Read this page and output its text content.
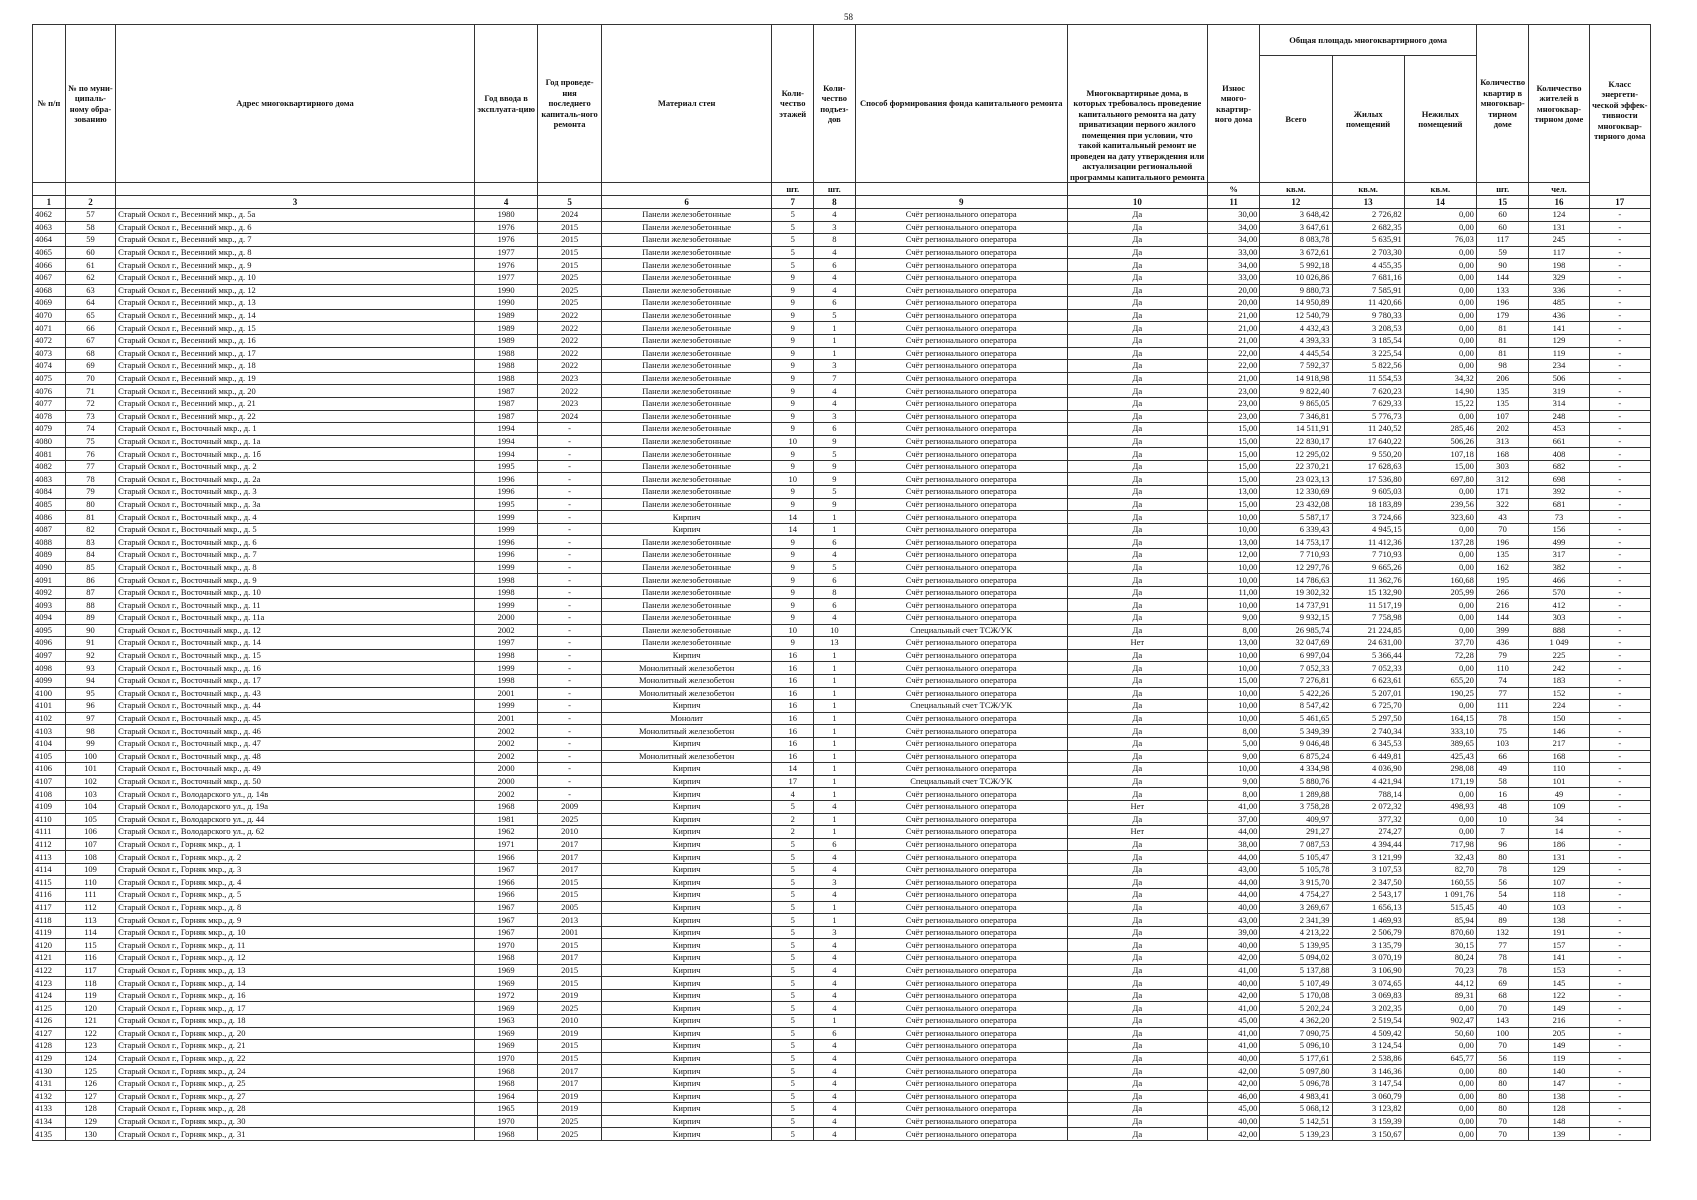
58
№ п/п	№ по муни-ципаль-ному обра-зованию	Адрес многоквартирного дома	Год ввода в эксплуата-цию	Год проведе-ния последнего капиталь-ного ремонта	Материал стен	Коли-чество этажей	Коли-чество подъез-дов	Способ формирования фонда капитального ремонта	Многоквартирные дома, в которых требовалось проведение капитального ремонта на дату приватизации первого жилого помещения при условии, что такой капитальный ремонт не проведен на дату утверждения или актуализации региональной программы капитального ремонта	Износ много-квартир-ного дома	Общая площадь многоквартирного дома			Количество квартир в многоквар-тирном доме	Количество жителей в многоквар-тирном доме	Класс энергети-ческой эффек-тивности многоквар-тирного дома
											Всего	Жилых помещений	Нежилых помещений			
						шт.	шт.			%	кв.м.	кв.м.	кв.м.	шт.	чел.	
1	2	3	4	5	6	7	8	9	10	11	12	13	14	15	16	17
4062	57	Старый Оскол г., Весенний мкр., д. 5а	1980	2024	Панели железобетонные	5	4	Счёт регионального оператора	Да	30,00	3 648,42	2 726,82	0,00	60	124	-
4063	58	Старый Оскол г., Весенний мкр., д. 6	1976	2015	Панели железобетонные	5	3	Счёт регионального оператора	Да	34,00	3 647,61	2 682,35	0,00	60	131	-
4064	59	Старый Оскол г., Весенний мкр., д. 7	1976	2015	Панели железобетонные	5	8	Счёт регионального оператора	Да	34,00	8 083,78	5 635,91	76,03	117	245	-
4065	60	Старый Оскол г., Весенний мкр., д. 8	1977	2015	Панели железобетонные	5	4	Счёт регионального оператора	Да	33,00	3 672,61	2 703,30	0,00	59	117	-
4066	61	Старый Оскол г., Весенний мкр., д. 9	1976	2015	Панели железобетонные	5	6	Счёт регионального оператора	Да	34,00	5 992,18	4 455,35	0,00	90	198	-
4067	62	Старый Оскол г., Весенний мкр., д. 10	1977	2025	Панели железобетонные	9	4	Счёт регионального оператора	Да	33,00	10 026,86	7 681,16	0,00	144	329	-
4068	63	Старый Оскол г., Весенний мкр., д. 12	1990	2025	Панели железобетонные	9	4	Счёт регионального оператора	Да	20,00	9 880,73	7 585,91	0,00	133	336	-
4069	64	Старый Оскол г., Весенний мкр., д. 13	1990	2025	Панели железобетонные	9	6	Счёт регионального оператора	Да	20,00	14 950,89	11 420,66	0,00	196	485	-
4070	65	Старый Оскол г., Весенний мкр., д. 14	1989	2022	Панели железобетонные	9	5	Счёт регионального оператора	Да	21,00	12 540,79	9 780,33	0,00	179	436	-
4071	66	Старый Оскол г., Весенний мкр., д. 15	1989	2022	Панели железобетонные	9	1	Счёт регионального оператора	Да	21,00	4 432,43	3 208,53	0,00	81	141	-
4072	67	Старый Оскол г., Весенний мкр., д. 16	1989	2022	Панели железобетонные	9	1	Счёт регионального оператора	Да	21,00	4 393,33	3 185,54	0,00	81	129	-
4073	68	Старый Оскол г., Весенний мкр., д. 17	1988	2022	Панели железобетонные	9	1	Счёт регионального оператора	Да	22,00	4 445,54	3 225,54	0,00	81	119	-
4074	69	Старый Оскол г., Весенний мкр., д. 18	1988	2022	Панели железобетонные	9	3	Счёт регионального оператора	Да	22,00	7 592,37	5 822,56	0,00	98	234	-
4075	70	Старый Оскол г., Весенний мкр., д. 19	1988	2023	Панели железобетонные	9	7	Счёт регионального оператора	Да	21,00	14 918,98	11 554,53	34,32	206	506	-
4076	71	Старый Оскол г., Весенний мкр., д. 20	1987	2022	Панели железобетонные	9	4	Счёт регионального оператора	Да	23,00	9 822,40	7 620,23	14,90	135	319	-
4077	72	Старый Оскол г., Весенний мкр., д. 21	1987	2023	Панели железобетонные	9	4	Счёт регионального оператора	Да	23,00	9 865,05	7 629,33	15,22	135	314	-
4078	73	Старый Оскол г., Весенний мкр., д. 22	1987	2024	Панели железобетонные	9	3	Счёт регионального оператора	Да	23,00	7 346,81	5 776,73	0,00	107	248	-
4079	74	Старый Оскол г., Восточный мкр., д. 1	1994	-	Панели железобетонные	9	6	Счёт регионального оператора	Да	15,00	14 511,91	11 240,52	285,46	202	453	-
4080	75	Старый Оскол г., Восточный мкр., д. 1а	1994	-	Панели железобетонные	10	9	Счёт регионального оператора	Да	15,00	22 830,17	17 640,22	506,26	313	661	-
4081	76	Старый Оскол г., Восточный мкр., д. 1б	1994	-	Панели железобетонные	9	5	Счёт регионального оператора	Да	15,00	12 295,02	9 550,20	107,18	168	408	-
4082	77	Старый Оскол г., Восточный мкр., д. 2	1995	-	Панели железобетонные	9	9	Счёт регионального оператора	Да	15,00	22 370,21	17 628,63	15,00	303	682	-
4083	78	Старый Оскол г., Восточный мкр., д. 2а	1996	-	Панели железобетонные	10	9	Счёт регионального оператора	Да	15,00	23 023,13	17 536,80	697,80	312	698	-
4084	79	Старый Оскол г., Восточный мкр., д. 3	1996	-	Панели железобетонные	9	5	Счёт регионального оператора	Да	13,00	12 330,69	9 605,03	0,00	171	392	-
4085	80	Старый Оскол г., Восточный мкр., д. 3а	1995	-	Панели железобетонные	9	9	Счёт регионального оператора	Да	15,00	23 432,08	18 183,89	239,56	322	681	-
4086	81	Старый Оскол г., Восточный мкр., д. 4	1999	-	Кирпич	14	1	Счёт регионального оператора	Да	10,00	5 587,17	3 724,66	323,60	43	73	-
4087	82	Старый Оскол г., Восточный мкр., д. 5	1999	-	Кирпич	14	1	Счёт регионального оператора	Да	10,00	6 339,43	4 945,15	0,00	70	156	-
4088	83	Старый Оскол г., Восточный мкр., д. 6	1996	-	Панели железобетонные	9	6	Счёт регионального оператора	Да	13,00	14 753,17	11 412,36	137,28	196	499	-
4089	84	Старый Оскол г., Восточный мкр., д. 7	1996	-	Панели железобетонные	9	4	Счёт регионального оператора	Да	12,00	7 710,93	7 710,93	0,00	135	317	-
4090	85	Старый Оскол г., Восточный мкр., д. 8	1999	-	Панели железобетонные	9	5	Счёт регионального оператора	Да	10,00	12 297,76	9 665,26	0,00	162	382	-
4091	86	Старый Оскол г., Восточный мкр., д. 9	1998	-	Панели железобетонные	9	6	Счёт регионального оператора	Да	10,00	14 786,63	11 362,76	160,68	195	466	-
4092	87	Старый Оскол г., Восточный мкр., д. 10	1998	-	Панели железобетонные	9	8	Счёт регионального оператора	Да	11,00	19 302,32	15 132,90	205,99	266	570	-
4093	88	Старый Оскол г., Восточный мкр., д. 11	1999	-	Панели железобетонные	9	6	Счёт регионального оператора	Да	10,00	14 737,91	11 517,19	0,00	216	412	-
4094	89	Старый Оскол г., Восточный мкр., д. 11а	2000	-	Панели железобетонные	9	4	Счёт регионального оператора	Да	9,00	9 932,15	7 758,98	0,00	144	303	-
4095	90	Старый Оскол г., Восточный мкр., д. 12	2002	-	Панели железобетонные	10	10	Специальный счет ТСЖ/УК	Да	8,00	26 985,74	21 224,85	0,00	399	888	-
4096	91	Старый Оскол г., Восточный мкр., д. 14	1997	-	Панели железобетонные	9	13	Счёт регионального оператора	Нет	13,00	32 047,69	24 631,00	37,70	436	1 049	-
4097	92	Старый Оскол г., Восточный мкр., д. 15	1998	-	Кирпич	16	1	Счёт регионального оператора	Да	10,00	6 997,04	5 366,44	72,28	79	225	-
4098	93	Старый Оскол г., Восточный мкр., д. 16	1999	-	Монолитный железобетон	16	1	Счёт регионального оператора	Да	10,00	7 052,33	7 052,33	0,00	110	242	-
4099	94	Старый Оскол г., Восточный мкр., д. 17	1998	-	Монолитный железобетон	16	1	Счёт регионального оператора	Да	15,00	7 276,81	6 623,61	655,20	74	183	-
4100	95	Старый Оскол г., Восточный мкр., д. 43	2001	-	Монолитный железобетон	16	1	Счёт регионального оператора	Да	10,00	5 422,26	5 207,01	190,25	77	152	-
4101	96	Старый Оскол г., Восточный мкр., д. 44	1999	-	Кирпич	16	1	Специальный счет ТСЖ/УК	Да	10,00	8 547,42	6 725,70	0,00	111	224	-
4102	97	Старый Оскол г., Восточный мкр., д. 45	2001	-	Монолит	16	1	Счёт регионального оператора	Да	10,00	5 461,65	5 297,50	164,15	78	150	-
4103	98	Старый Оскол г., Восточный мкр., д. 46	2002	-	Монолитный железобетон	16	1	Счёт регионального оператора	Да	8,00	5 349,39	2 740,34	333,10	75	146	-
4104	99	Старый Оскол г., Восточный мкр., д. 47	2002	-	Кирпич	16	1	Счёт регионального оператора	Да	5,00	9 046,48	6 345,53	389,65	103	217	-
4105	100	Старый Оскол г., Восточный мкр., д. 48	2002	-	Монолитный железобетон	16	1	Счёт регионального оператора	Да	9,00	6 875,24	6 449,81	425,43	66	168	-
4106	101	Старый Оскол г., Восточный мкр., д. 49	2000	-	Кирпич	14	1	Счёт регионального оператора	Да	10,00	4 334,98	4 036,90	298,08	49	110	-
4107	102	Старый Оскол г., Восточный мкр., д. 50	2000	-	Кирпич	17	1	Специальный счет ТСЖ/УК	Да	9,00	5 880,76	4 421,94	171,19	58	101	-
4108	103	Старый Оскол г., Володарского ул., д. 14в	2002	-	Кирпич	4	1	Счёт регионального оператора	Да	8,00	1 289,88	788,14	0,00	16	49	-
4109	104	Старый Оскол г., Володарского ул., д. 19а	1968	2009	Кирпич	5	4	Счёт регионального оператора	Нет	41,00	3 758,28	2 072,32	498,93	48	109	-
4110	105	Старый Оскол г., Володарского ул., д. 44	1981	2025	Кирпич	2	1	Счёт регионального оператора	Да	37,00	409,97	377,32	0,00	10	34	-
4111	106	Старый Оскол г., Володарского ул., д. 62	1962	2010	Кирпич	2	1	Счёт регионального оператора	Нет	44,00	291,27	274,27	0,00	7	14	-
4112	107	Старый Оскол г., Горняк мкр., д. 1	1971	2017	Кирпич	5	6	Счёт регионального оператора	Да	38,00	7 087,53	4 394,44	717,98	96	186	-
4113	108	Старый Оскол г., Горняк мкр., д. 2	1966	2017	Кирпич	5	4	Счёт регионального оператора	Да	44,00	5 105,47	3 121,99	32,43	80	131	-
4114	109	Старый Оскол г., Горняк мкр., д. 3	1967	2017	Кирпич	5	4	Счёт регионального оператора	Да	43,00	5 105,78	3 107,53	82,70	78	129	-
4115	110	Старый Оскол г., Горняк мкр., д. 4	1966	2015	Кирпич	5	3	Счёт регионального оператора	Да	44,00	3 915,70	2 347,50	160,55	56	107	-
4116	111	Старый Оскол г., Горняк мкр., д. 5	1966	2015	Кирпич	5	4	Счёт регионального оператора	Да	44,00	4 754,27	2 543,17	1 091,76	54	118	-
4117	112	Старый Оскол г., Горняк мкр., д. 8	1967	2005	Кирпич	5	1	Счёт регионального оператора	Да	40,00	3 269,67	1 656,13	515,45	40	103	-
4118	113	Старый Оскол г., Горняк мкр., д. 9	1967	2013	Кирпич	5	1	Счёт регионального оператора	Да	43,00	2 341,39	1 469,93	85,94	89	138	-
4119	114	Старый Оскол г., Горняк мкр., д. 10	1967	2001	Кирпич	5	3	Счёт регионального оператора	Да	39,00	4 213,22	2 506,79	870,60	132	191	-
4120	115	Старый Оскол г., Горняк мкр., д. 11	1970	2015	Кирпич	5	4	Счёт регионального оператора	Да	40,00	5 139,95	3 135,79	30,15	77	157	-
4121	116	Старый Оскол г., Горняк мкр., д. 12	1968	2017	Кирпич	5	4	Счёт регионального оператора	Да	42,00	5 094,02	3 070,19	80,24	78	141	-
4122	117	Старый Оскол г., Горняк мкр., д. 13	1969	2015	Кирпич	5	4	Счёт регионального оператора	Да	41,00	5 137,88	3 106,90	70,23	78	153	-
4123	118	Старый Оскол г., Горняк мкр., д. 14	1969	2015	Кирпич	5	4	Счёт регионального оператора	Да	40,00	5 107,49	3 074,65	44,12	69	145	-
4124	119	Старый Оскол г., Горняк мкр., д. 16	1972	2019	Кирпич	5	4	Счёт регионального оператора	Да	42,00	5 170,08	3 069,83	89,31	68	122	-
4125	120	Старый Оскол г., Горняк мкр., д. 17	1969	2025	Кирпич	5	4	Счёт регионального оператора	Да	41,00	5 202,24	3 202,35	0,00	70	149	-
4126	121	Старый Оскол г., Горняк мкр., д. 18	1963	2010	Кирпич	5	1	Счёт регионального оператора	Да	45,00	4 362,20	2 519,54	902,47	143	216	-
4127	122	Старый Оскол г., Горняк мкр., д. 20	1969	2019	Кирпич	5	6	Счёт регионального оператора	Да	41,00	7 090,75	4 509,42	50,60	100	205	-
4128	123	Старый Оскол г., Горняк мкр., д. 21	1969	2015	Кирпич	5	4	Счёт регионального оператора	Да	41,00	5 096,10	3 124,54	0,00	70	149	-
4129	124	Старый Оскол г., Горняк мкр., д. 22	1970	2015	Кирпич	5	4	Счёт регионального оператора	Да	40,00	5 177,61	2 538,86	645,77	56	119	-
4130	125	Старый Оскол г., Горняк мкр., д. 24	1968	2017	Кирпич	5	4	Счёт регионального оператора	Да	42,00	5 097,80	3 146,36	0,00	80	140	-
4131	126	Старый Оскол г., Горняк мкр., д. 25	1968	2017	Кирпич	5	4	Счёт регионального оператора	Да	42,00	5 096,78	3 147,54	0,00	80	147	-
4132	127	Старый Оскол г., Горняк мкр., д. 27	1964	2019	Кирпич	5	4	Счёт регионального оператора	Да	46,00	4 983,41	3 060,79	0,00	80	138	-
4133	128	Старый Оскол г., Горняк мкр., д. 28	1965	2019	Кирпич	5	4	Счёт регионального оператора	Да	45,00	5 068,12	3 123,82	0,00	80	128	-
4134	129	Старый Оскол г., Горняк мкр., д. 30	1970	2025	Кирпич	5	4	Счёт регионального оператора	Да	40,00	5 142,51	3 159,39	0,00	70	148	-
4135	130	Старый Оскол г., Горняк мкр., д. 31	1968	2025	Кирпич	5	4	Счёт регионального оператора	Да	42,00	5 139,23	3 150,67	0,00	70	139	-
